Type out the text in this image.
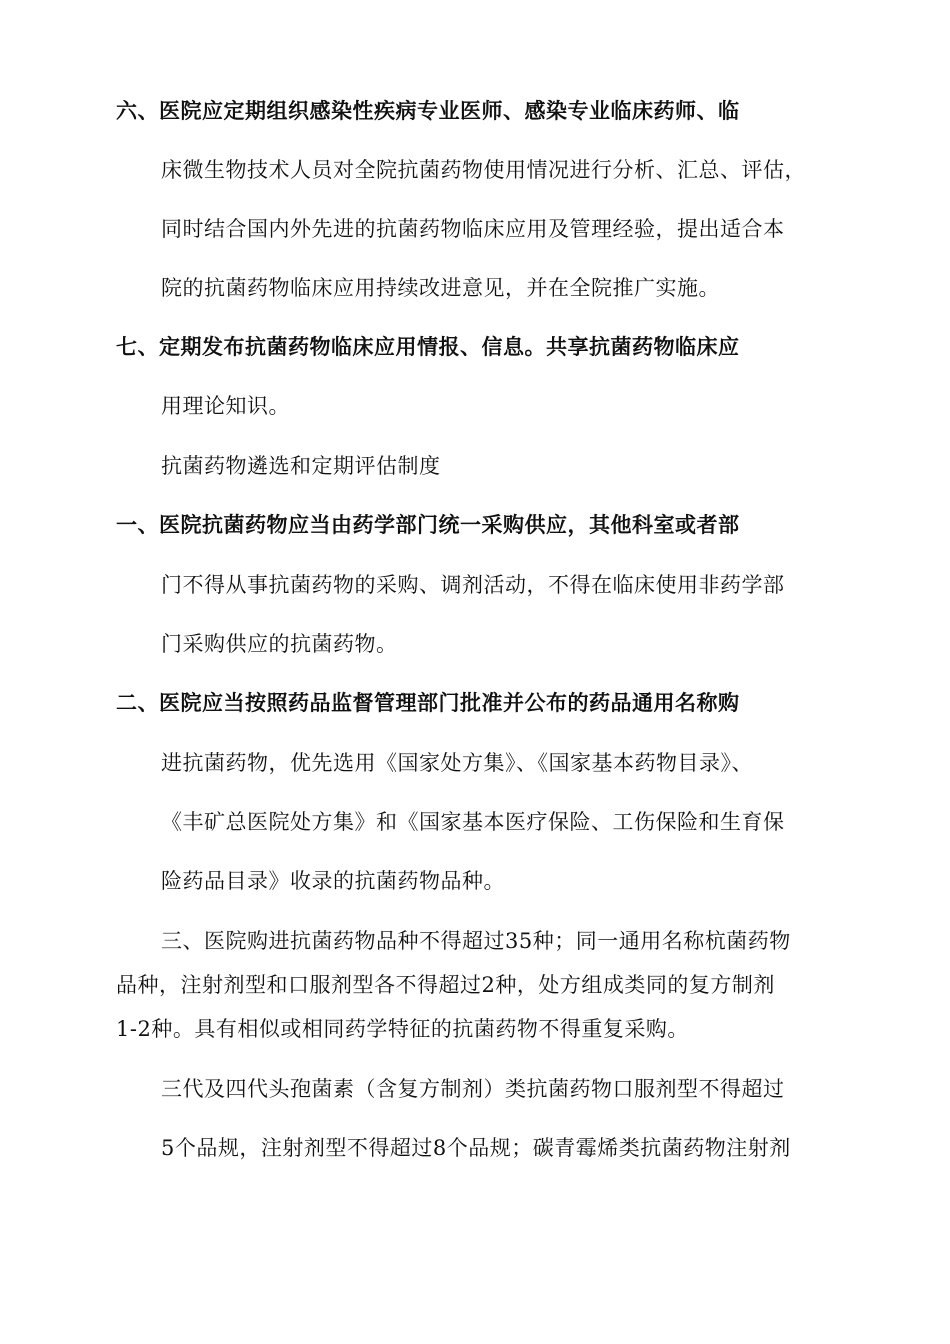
六、医院应定期组织感染性疾病专业医师、感染专业临床药师、临
床微生物技术人员对全院抗菌药物使用情况进行分析、汇总、评估，
同时结合国内外先进的抗菌药物临床应用及管理经验，提出适合本
院的抗菌药物临床应用持续改进意见，并在全院推广实施。
七、定期发布抗菌药物临床应用情报、信息。共享抗菌药物临床应
用理论知识。
抗菌药物遴选和定期评估制度
一、医院抗菌药物应当由药学部门统一采购供应，其他科室或者部
门不得从事抗菌药物的采购、调剂活动，不得在临床使用非药学部
门采购供应的抗菌药物。
二、医院应当按照药品监督管理部门批准并公布的药品通用名称购
进抗菌药物，优先选用《国家处方集》、《国家基本药物目录》、
《丰矿总医院处方集》和《国家基本医疗保险、工伤保险和生育保
险药品目录》收录的抗菌药物品种。
三、医院购进抗菌药物品种不得超过35种；同一通用名称杭菌药物
品种，注射剂型和口服剂型各不得超过2种，处方组成类同的复方制剂
1-2种。具有相似或相同药学特征的抗菌药物不得重复采购。
三代及四代头孢菌素（含复方制剂）类抗菌药物口服剂型不得超过
5个品规，注射剂型不得超过8个品规；碳青霉烯类抗菌药物注射剂
